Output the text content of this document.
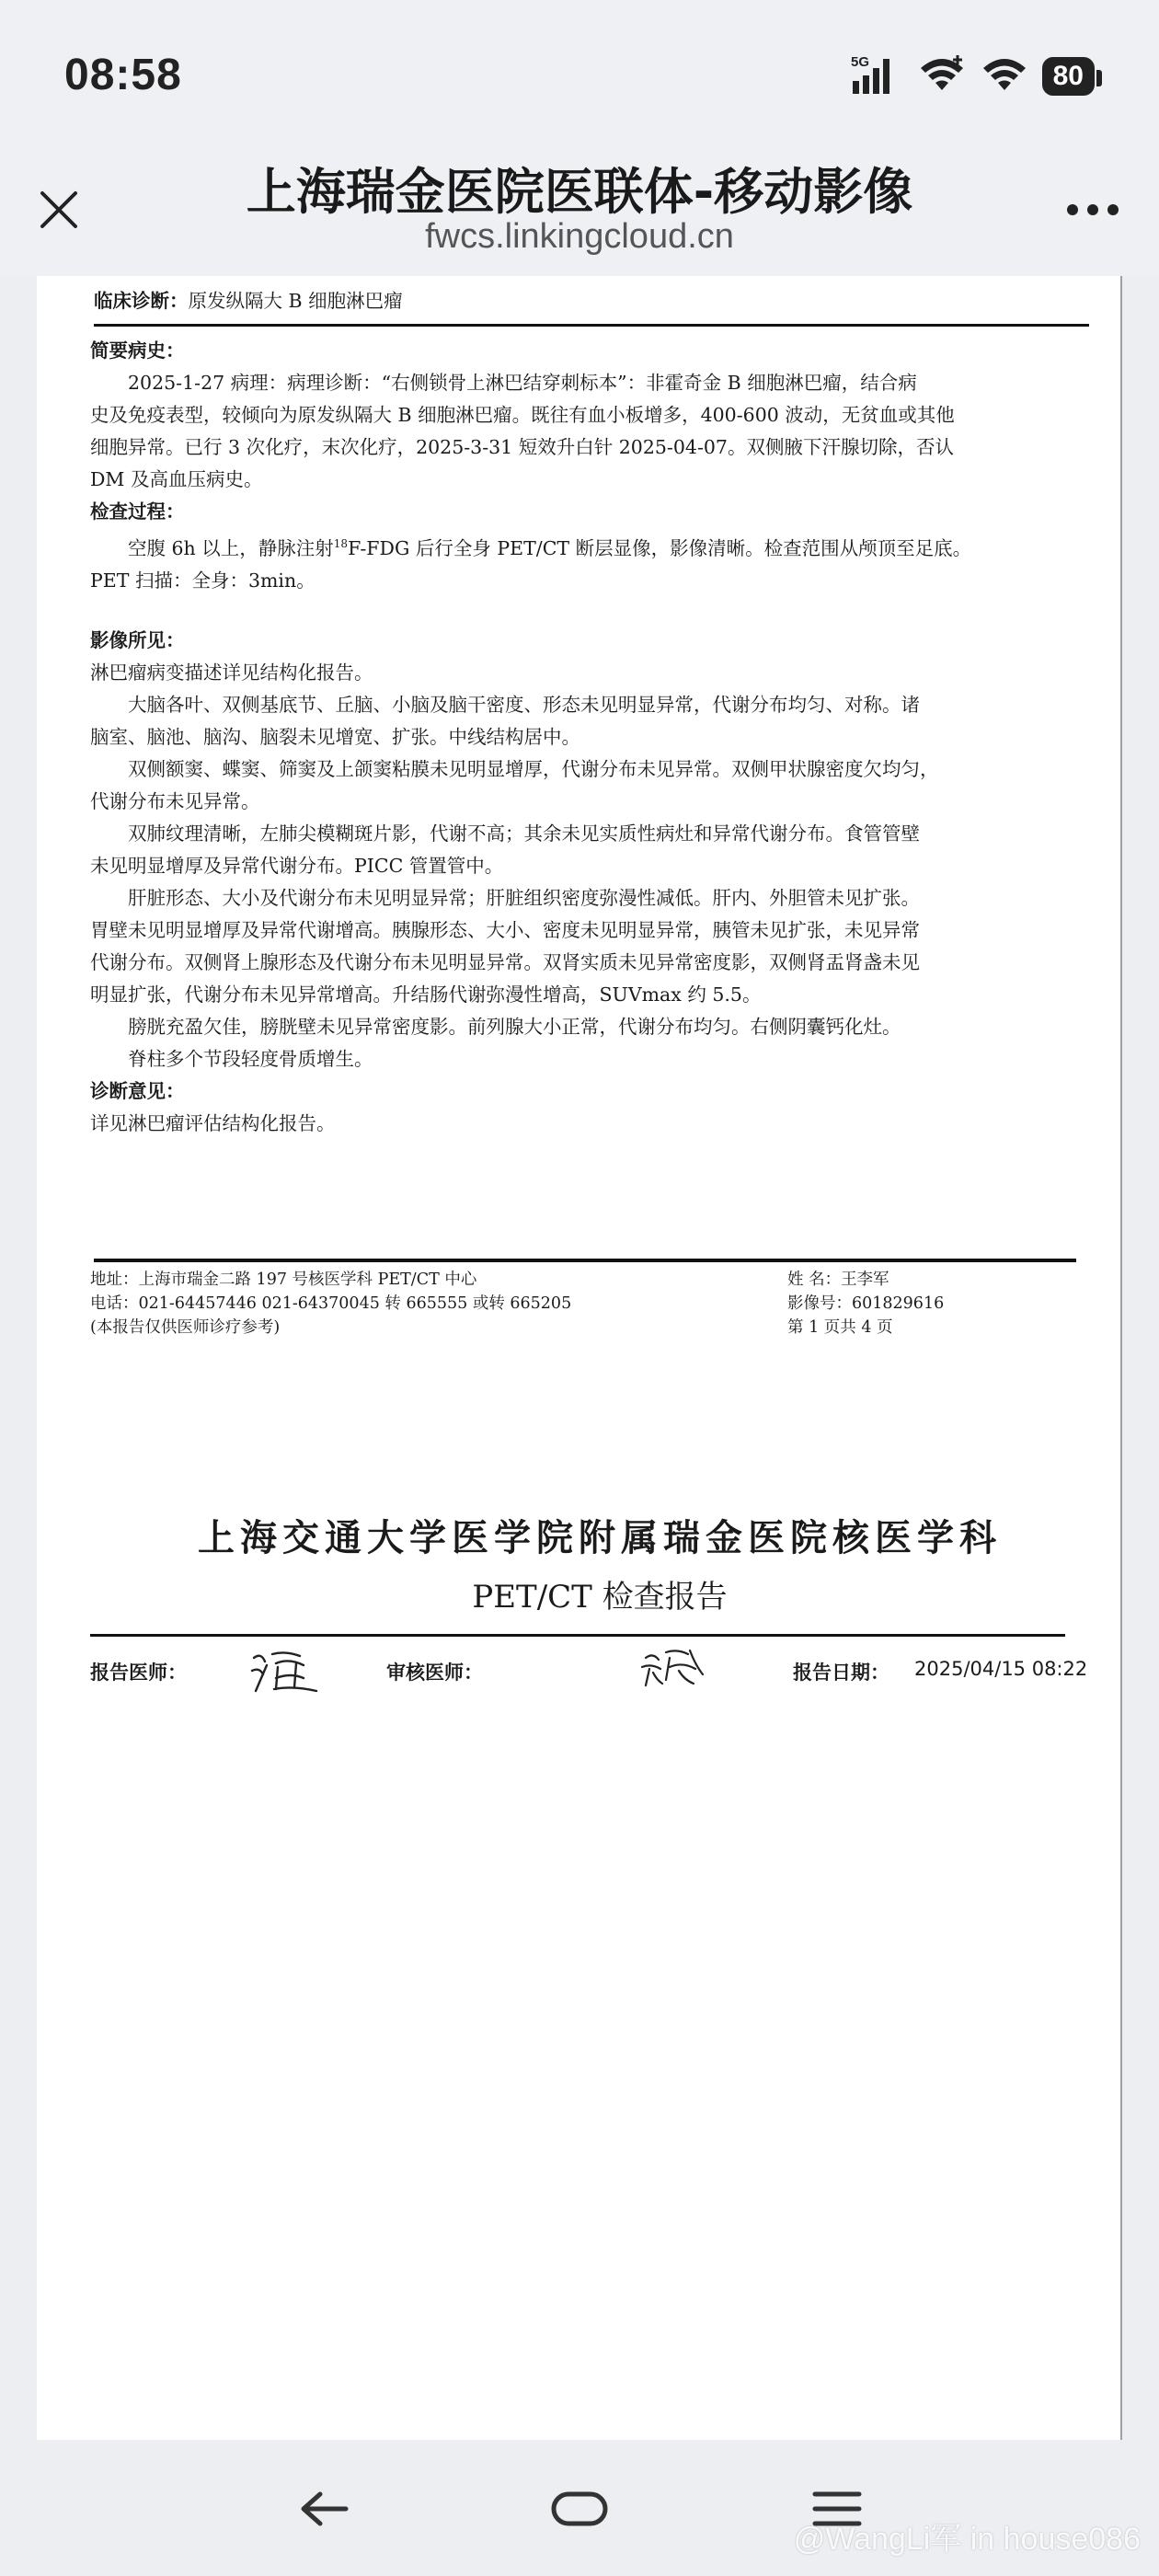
08:58	5G	80
上海瑞金医院医联体-移动影像
fwcs.linkingcloud.cn
临床诊断：原发纵隔大 B 细胞淋巴瘤
简要病史：
2025-1-27 病理：病理诊断：“右侧锁骨上淋巴结穿刺标本”：非霍奇金 B 细胞淋巴瘤，结合病
史及免疫表型，较倾向为原发纵隔大 B 细胞淋巴瘤。既往有血小板增多，400-600 波动，无贫血或其他
细胞异常。已行 3 次化疗，末次化疗，2025-3-31 短效升白针 2025-04-07。双侧腋下汗腺切除，否认
DM 及高血压病史。
检查过程：
空腹 6h 以上，静脉注射$^{18}$F-FDG 后行全身 PET/CT 断层显像，影像清晰。检查范围从颅顶至足底。
PET 扫描：全身：3min。
影像所见：
淋巴瘤病变描述详见结构化报告。
大脑各叶、双侧基底节、丘脑、小脑及脑干密度、形态未见明显异常，代谢分布均匀、对称。诸
脑室、脑池、脑沟、脑裂未见增宽、扩张。中线结构居中。
双侧额窦、蝶窦、筛窦及上颌窦粘膜未见明显增厚，代谢分布未见异常。双侧甲状腺密度欠均匀，
代谢分布未见异常。
双肺纹理清晰，左肺尖模糊斑片影，代谢不高；其余未见实质性病灶和异常代谢分布。食管管壁
未见明显增厚及异常代谢分布。PICC 管置管中。
肝脏形态、大小及代谢分布未见明显异常；肝脏组织密度弥漫性减低。肝内、外胆管未见扩张。
胃壁未见明显增厚及异常代谢增高。胰腺形态、大小、密度未见明显异常，胰管未见扩张，未见异常
代谢分布。双侧肾上腺形态及代谢分布未见明显异常。双肾实质未见异常密度影，双侧肾盂肾盏未见
明显扩张，代谢分布未见异常增高。升结肠代谢弥漫性增高，SUVmax 约 5.5。
膀胱充盈欠佳，膀胱壁未见异常密度影。前列腺大小正常，代谢分布均匀。右侧阴囊钙化灶。
脊柱多个节段轻度骨质增生。
诊断意见：
详见淋巴瘤评估结构化报告。
地址：上海市瑞金二路 197 号核医学科 PET/CT 中心
电话：021-64457446 021-64370045 转 665555 或转 665205
(本报告仅供医师诊疗参考)
姓 名：王李军
影像号：601829616
第 1 页共 4 页
上海交通大学医学院附属瑞金医院核医学科
PET/CT 检查报告
报告医师：	审核医师：	报告日期： 2025/04/15 08:22
@WangLi军 in house086
